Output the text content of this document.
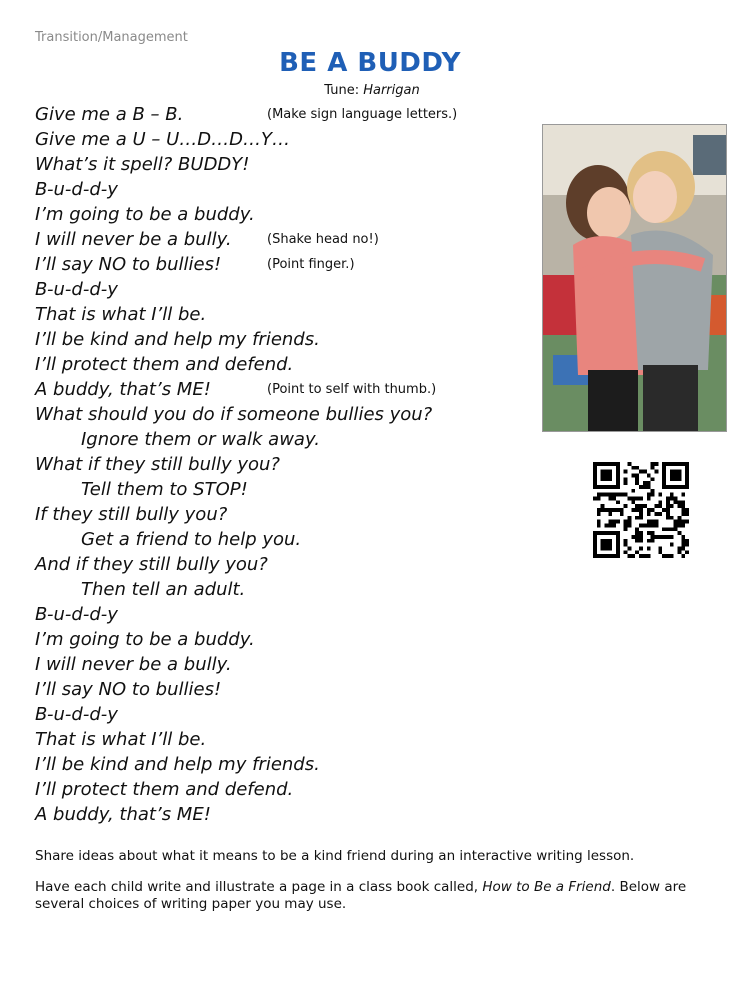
Transition/Management
BE A BUDDY
Tune: Harrigan
Give me a B – B.	(Make sign language letters.)
Give me a U – U…D…D…Y…
What’s it spell? BUDDY!
B-u-d-d-y
I’m going to be a buddy.
I will never be a bully.	(Shake head no!)
I’ll say NO to bullies!	(Point finger.)
B-u-d-d-y
That is what I’ll be.
I’ll be kind and help my friends.
I’ll protect them and defend.
A buddy, that’s ME!	(Point to self with thumb.)
What should you do if someone bullies you?
Ignore them or walk away.
What if they still bully you?
Tell them to STOP!
If they still bully you?
Get a friend to help you.
And if they still bully you?
Then tell an adult.
B-u-d-d-y
I’m going to be a buddy.
I will never be a bully.
I’ll say NO to bullies!
B-u-d-d-y
That is what I’ll be.
I’ll be kind and help my friends.
I’ll protect them and defend.
A buddy, that’s ME!

Share ideas about what it means to be a kind friend during an interactive writing lesson.

Have each child write and illustrate a page in a class book called, How to Be a Friend. Below are several choices of writing paper you may use.
